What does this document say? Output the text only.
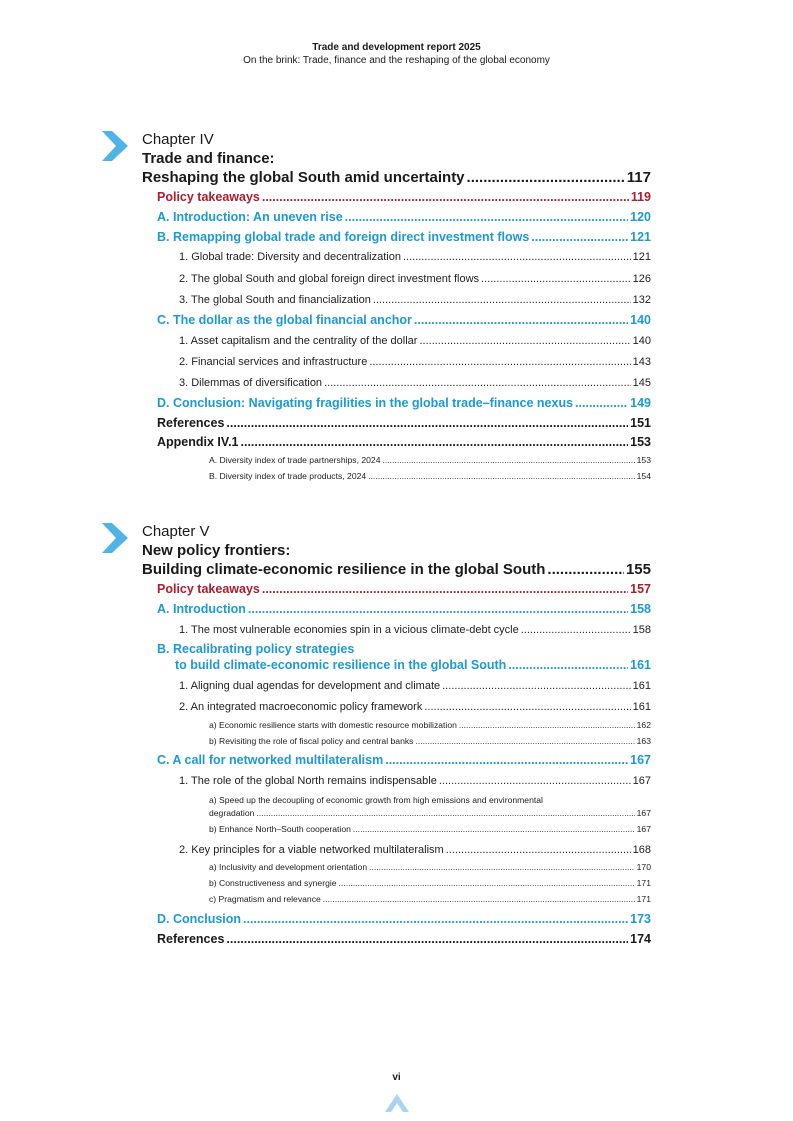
Trade and development report 2025
On the brink: Trade, finance and the reshaping of the global economy
Chapter IV
Trade and finance:
Reshaping the global South amid uncertainty .....	117
Policy takeaways .....	119
A. Introduction: An uneven rise .....	120
B. Remapping global trade and foreign direct investment flows .....	121
1. Global trade: Diversity and decentralization .....	121
2. The global South and global foreign direct investment flows .....	126
3. The global South and financialization .....	132
C. The dollar as the global financial anchor .....	140
1. Asset capitalism and the centrality of the dollar .....	140
2. Financial services and infrastructure .....	143
3. Dilemmas of diversification .....	145
D. Conclusion: Navigating fragilities in the global trade–finance nexus .....	149
References .....	151
Appendix IV.1 .....	153
A. Diversity index of trade partnerships, 2024 .....	153
B. Diversity index of trade products, 2024 .....	154
Chapter V
New policy frontiers:
Building climate-economic resilience in the global South .....	155
Policy takeaways .....	157
A. Introduction .....	158
1. The most vulnerable economies spin in a vicious climate-debt cycle .....	158
B. Recalibrating policy strategies
to build climate-economic resilience in the global South .....	161
1. Aligning dual agendas for development and climate .....	161
2. An integrated macroeconomic policy framework .....	161
a) Economic resilience starts with domestic resource mobilization .....	162
b) Revisiting the role of fiscal policy and central banks .....	163
C. A call for networked multilateralism .....	167
1. The role of the global North remains indispensable .....	167
a) Speed up the decoupling of economic growth from high emissions and environmental
degradation .....	167
b) Enhance North–South cooperation .....	167
2. Key principles for a viable networked multilateralism .....	168
a) Inclusivity and development orientation .....	170
b) Constructiveness and synergie .....	171
c) Pragmatism and relevance .....	171
D. Conclusion .....	173
References .....	174
vi
